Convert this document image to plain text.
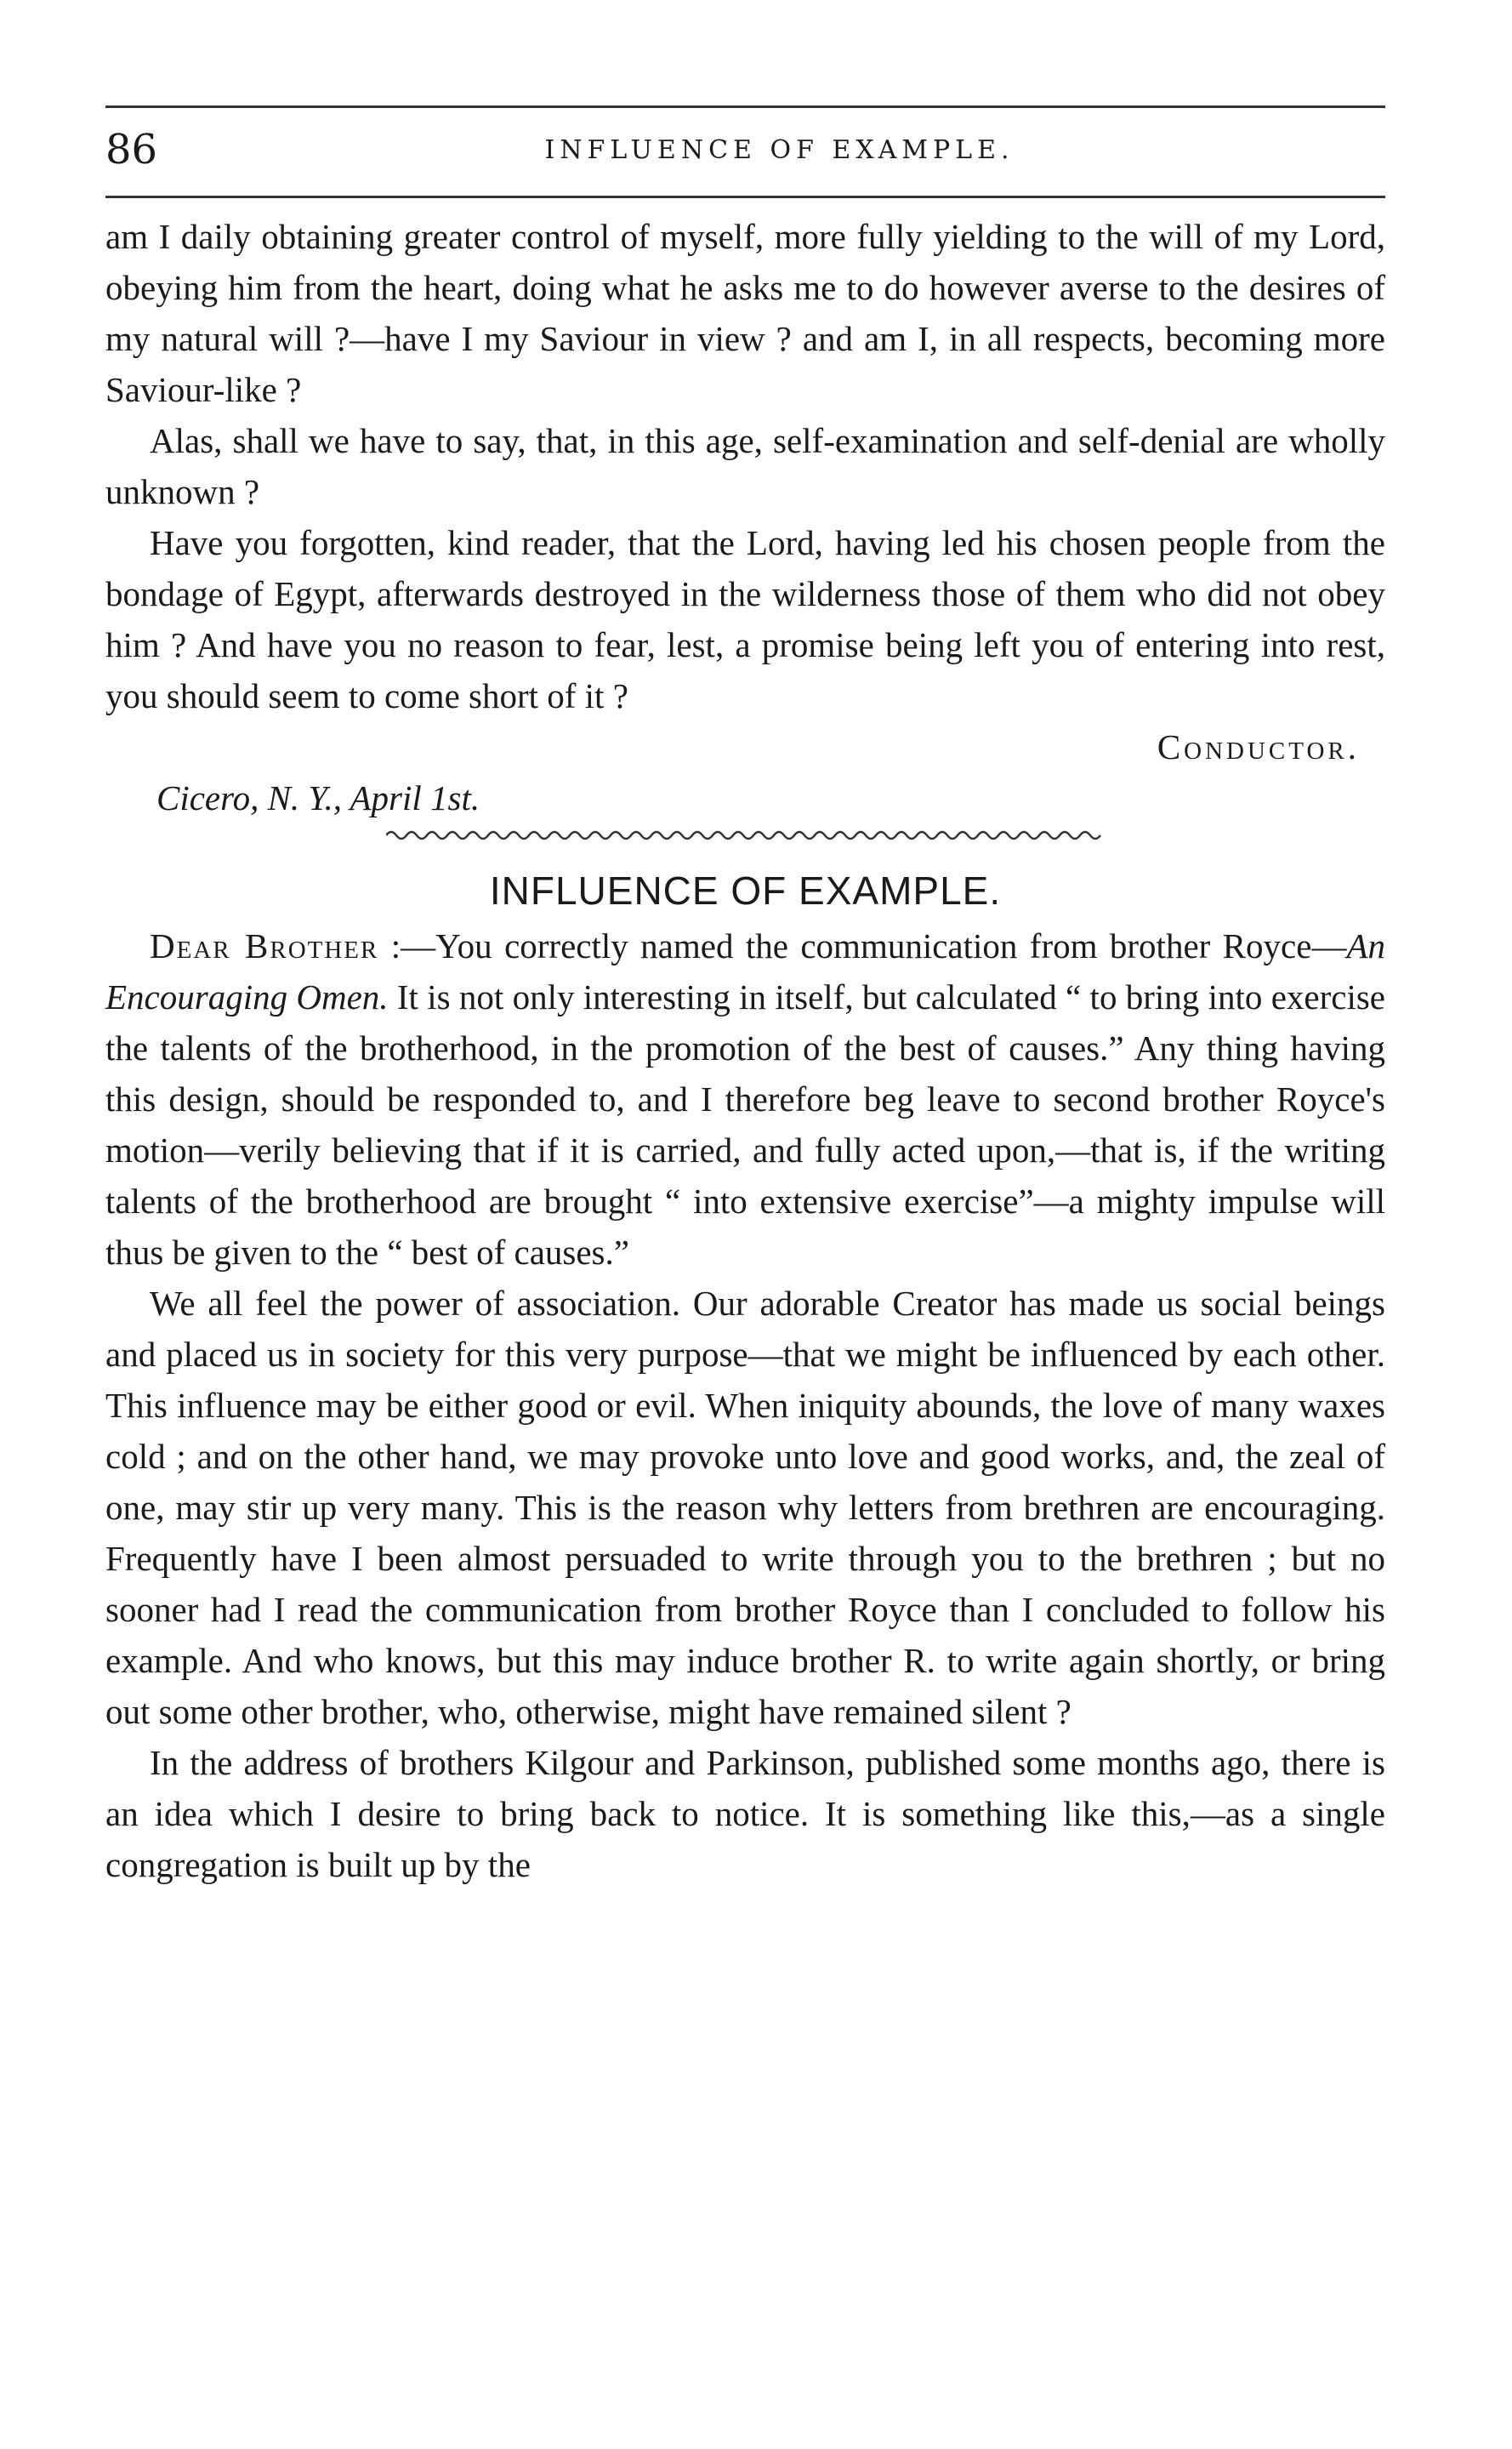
86	INFLUENCE OF EXAMPLE.

am I daily obtaining greater control of myself, more fully yielding to the will of my Lord, obeying him from the heart, doing what he asks me to do however averse to the desires of my natural will ?—have I my Saviour in view ? and am I, in all respects, becoming more Saviour-like ?

Alas, shall we have to say, that, in this age, self-examination and self-denial are wholly unknown ?

Have you forgotten, kind reader, that the Lord, having led his chosen people from the bondage of Egypt, afterwards destroyed in the wilderness those of them who did not obey him ? And have you no reason to fear, lest, a promise being left you of entering into rest, you should seem to come short of it ?

Conductor.

Cicero, N. Y., April 1st.

INFLUENCE OF EXAMPLE.

Dear Brother :—You correctly named the communication from brother Royce—An Encouraging Omen. It is not only interesting in itself, but calculated “ to bring into exercise the talents of the brotherhood, in the promotion of the best of causes.” Any thing having this design, should be responded to, and I therefore beg leave to second brother Royce's motion—verily believing that if it is carried, and fully acted upon,—that is, if the writing talents of the brotherhood are brought “ into extensive exercise”—a mighty impulse will thus be given to the “ best of causes.”

We all feel the power of association. Our adorable Creator has made us social beings and placed us in society for this very purpose—that we might be influenced by each other. This influence may be either good or evil. When iniquity abounds, the love of many waxes cold ; and on the other hand, we may provoke unto love and good works, and, the zeal of one, may stir up very many. This is the reason why letters from brethren are encouraging. Frequently have I been almost persuaded to write through you to the brethren ; but no sooner had I read the communication from brother Royce than I concluded to follow his example. And who knows, but this may induce brother R. to write again shortly, or bring out some other brother, who, otherwise, might have remained silent ?

In the address of brothers Kilgour and Parkinson, published some months ago, there is an idea which I desire to bring back to notice. It is something like this,—as a single congregation is built up by the
